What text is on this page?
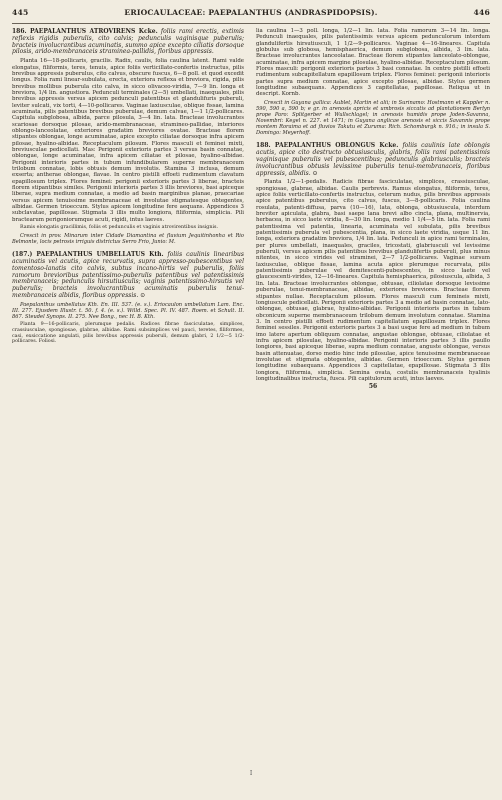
445	ERIOCAULACEAE: PAEPALANTHUS (ANDRASPIDOPSIS).	446

186. PAEPALANTHUS ATROVIRENS Kcke. foliis rami erectis, extimis reflexis rigidis puberulis, cito calvis; pedunculis vaginisque puberulis; bracteis involucrantibus acuminatis, summo apice excepto ciliatis dorsoque pilosis, arido-membranaceis straminea-pallidis, floribus appressis.

Planta 16—18-pollicaris, gracilis. Radix, caulis, folia caulina latent. Rami valde elongatus, filiformis, teres, tenuis, apice foliis verticillato-confertis instructus, pilis brevibus appressis puberulus, cito calvus, obscure fuscus, 6—8 poll. et quod excedit longus. Folia rami linear-subulata, erecta, exteriora reflexa et breviora, rigida, pilis brevibus mollibus puberula cito calva, in sicco olivaceo-viridia, 7—9 lin. longa et breviora, 1/4 lin. angustiora. Pedunculi terminales (2—5) umbellati, inaequales, pilis brevibus appressis versus apicem pedunculi patentibus et glandulifuris puberuli, leviter sulcati, vix torti, 4—10-pollicares. Vaginae laxiusculae, oblique fissae, lamina acuminata, pilis patentibus brevibus puberulae, demum calvae, 1—1 1/2-pollicares. Capitula subglobosa, albida, parce pilosula, 3—4 lin. lata. Bracteae involucrantes scariosae dorsoque pilosae, arido-membranaceae, stramineo-pallidae, interiores oblongo-lanceolatae, exteriores gradatim breviores ovatae. Bracteae florem stipantes oblongae, longe acuminatae, apice excepto ciliatae dorsoque infra apicem pilosae, hyalino-albidae. Receptaculum pilosum. Flores masculi et feminei mixti, breviusculae pedicellati. Mas: Perigonii exterioris partes 3 versus basin connatae, oblongae, longe acuminatae, infra apicem ciliatae et pilosae, hyalino-albidae. Perigonii interioris partes in tubum infundibularem superne membranaceum trilobum connatae, lobis obtusis demum involutis. Stamina 3 inclusa, demum exserta; antherae oblongae, flavae. In centro pistilli effoeti rudimentum clavatum epapillosum triplex. Flores feminei: perigonii exterioris partes 3 liberae, bracteis florem stipantibus similes. Perigonii interioris partes 3 illis breviores, basi apiceque liberae, supra medium connatae, a medio ad basin marginibus planae, praecariae versus apicem tenuissime membranaceae et involutae stigmatesque obtegentes, albidae. Germen trioeccum. Stylus apicem longitudine fere aequans. Appendices 3 subclavatae, papillosae. Stigmata 3 illis multo longiora, filiformia, simplicia. Pili bractearum perigoniorumque acuti, rigidi, intus laeves.

Ramis elongatis gracillimis, foliis et pedunculis et vaginis atrovirentibus insignis.

Crescit in prov. Minarum inter Cidade Diamantina et fluvium Jequitinhonha et Rio Belmonte, locis petrosis irriguis districtus Serro Frio, Junio: M.

(187.) PAEPALANTHUS UMBELLATUS Kth. foliis caulinis linearibus acuminatis vel acutis, apice recurvatis, supra appresso-pubescentibus vel tomentoso-lanatis cito calvis, subtus incano-hirtis vel puberulis, foliis ramorum brevioribus patentissimo-puberulis patentibus vel patentissimis membranaceis; pedunculis hirsutiusculis; vaginis patentissimo-hirsutis vel puberulis; bracteis involucrantibus acuminatis puberulis tenui-membranaceis albidis, floribus oppressis. ⊙

Paepalanthus umbellatus Kth. En. III. 537. (e. s.). Eriocaulon umbellatum Lam. Enc. III. 277. Ejusdem Illustr. t. 50. f. 4. (e. s.). Willd. Spec. Pl. IV. 487. Roem. et Schult. II. 867. Steudel Synops. II. 275. Nee Bong., nec H. B. Kth.

Planta 9—16-pollicaris, plerumque pedalis. Radices fibrae fasciculatae, simplices, crassiusculae, spongiosae, glabrae, albidae. Rami subsimplices vel pauci, teretes, filiformes, casi, exsiccatione angulati, pilis brevibus appressis puberuli, demum glabri, 2 1/2—5 1/2-pollicares. Foliosi.

lia caulina 1—3 poll. longa, 1/2—1 lin. lata. Folia ramorum 3—14 lin. longa. Pedunculi inaequales, pilis patentissimis versus apicem pedunculorum interdum glandulifertis hirsutiusculi, 1 1/2—9-pollicares. Vaginae 4—16-lineares. Capitula globulus sub globosa, hemisphaerica, demum subglobosa, albida, 3 lin. lata. Bracteae involucrantes lanceolatae. Bracteae florem stipantes lanceolato-oblongae, acuminatae, infra apicem margine pilosulae, hyalino-albidae. Receptaculum pilosum. Flores masculi: perigonii exterioris partes 3 basi connatae. In centro pistilli effoeti rudimentum subcapitellatum epapillosum triplex. Flores feminei: perigonii interioris partes supra medium connatae, apice excepto pilosae, albidae. Stylus germen longitudine subaequans. Appendices 3 capitellatae, papillosae. Reliqua ut in descript. Kornb.

Crescit in Guyana gallica: Aublet, Martin et alii; in Surinamo: Hostmann et Kappler n. 590, 590 a, 590 b; e gr. in arenosis apricis et umbrosis siccatis ad plantationem Berlyn prope Paro: Splitgerber et Wullschlagel; in arenosis humidis prope Joden-Savanna, Novembri: Kegel n. 227. et 1471; in Guyana anglicae arenosis et siccis Savannis prope montem Roraima et ad fluvios Takutu et Zuruma: Rich. Schomburgk n. 916.; in insula S. Domingo: Meyerhoff.

188. PAEPALANTHUS OBLONGUS Kcke. foliis caulinis late oblongis acutis, apice cito destructo obtusiusculis, glabris, foliis rami patentissimis vaginisque puberulis vel pubescentibus; pedunculis glabriusculis; bracteis involucrantibus obtusis levissime puberulis tenui-membranaceis, floribus appressis, albidis. ⊙

Planta 1/2—1-pedalis. Radicis fibrae fasciculatae, simplices, crassiusculae, spongiosae, glabrae, albidae. Caulis perbrevis. Ramus elongatus, filiformis, teres, apice foliis verticillato-confertis instructus, ceterum nudus, pilis brevibus appressis apice patentibus puberulus, cito calvus, fuscus, 3—8-pollicaris. Folia caulina rosulata, patenti-diffusa, parva (10—16), lata, oblonga, obtusiuscula, interdum breviter apiculata, glabra, basi saepe lana brevi albo cincta, plana, multinervia, herbacea, in sicco laete viridia, 8—30 lin. longa, medio 1 1/4—5 lin. lata. Folia rami patentissima vel patentia, linearia, acuminata vel subulata, pilis brevibus patentissimis puberula vel pubescentia, plana, in sicco laete viridia, usque 11 lin. longa, exteriora gradatim breviora, 1/4 lin. lata. Pedunculi in apice rami terminales, per plures umbellati, inaequales, graciles, tricostati, glabriusculi vel levissime puberuli, versus apicem pilis patentibus brevibus glandulifertis puberuli, plus minus nitentes, in sicco virides vel straminei, 2—7 1/2-pollicares. Vaginae sursum laxiusculae, oblique fissae, lamina acuta apice plerumque recurvata, pilis patentissimis puberulae vel demitescenti-pubescentes, in sicco laete vel glaucescenti-virides, 12—16-lineares. Capitula hemisphaerica, pilosiuscula, albida, 3 lin. lata. Bracteae involucrantes oblongae, obtusae, ciliolatae dorsoque levissime puberulae, tenui-membranaceae, albidae, exteriores breviores. Bracteae florem stipantes nullae. Receptaculum pilosum. Flores masculi cum femineis mixti, longiuscule pedicellati. Perigonii exterioris partes 3 a medio ad basin connatae, lato-oblongae, obtusae, glabrae, hyalino-albidae. Perigonii interioris partes in tubum obconicum superne membranaceum trilobum demum involutum connatae. Stamina 3. In centro pistilli effoeti rudimentum capitellatum epapillosum triplex. Flores feminei sessiles. Perigonii exterioris partes 3 a basi usque fere ad medium in tubum imo latere apertum obliquum connatae, angustae oblongae, obtusae, ciliolatae et infra apicem pilosulae, hyalino-albidae. Perigonii interioris partes 3 illis paullo longiores, basi apiceque liberae, supra medium connatae, anguste oblongae, versus basin attenuatae, dorso medio hinc inde pilosulae, apice tenuissime membranaceae involutae et stigmata obtegentes, albidae. Germen trioeccum. Stylus germen longitudine subaequans. Appendices 3 capitellatae, epapillosae. Stigmata 3 illis longiora, filiformia, simplicia. Semina ovata, costulis membranaceis hyalinis longitudinalibus instructa, fusca. Pili capitulorum acuti, intus laeves.

56
I
